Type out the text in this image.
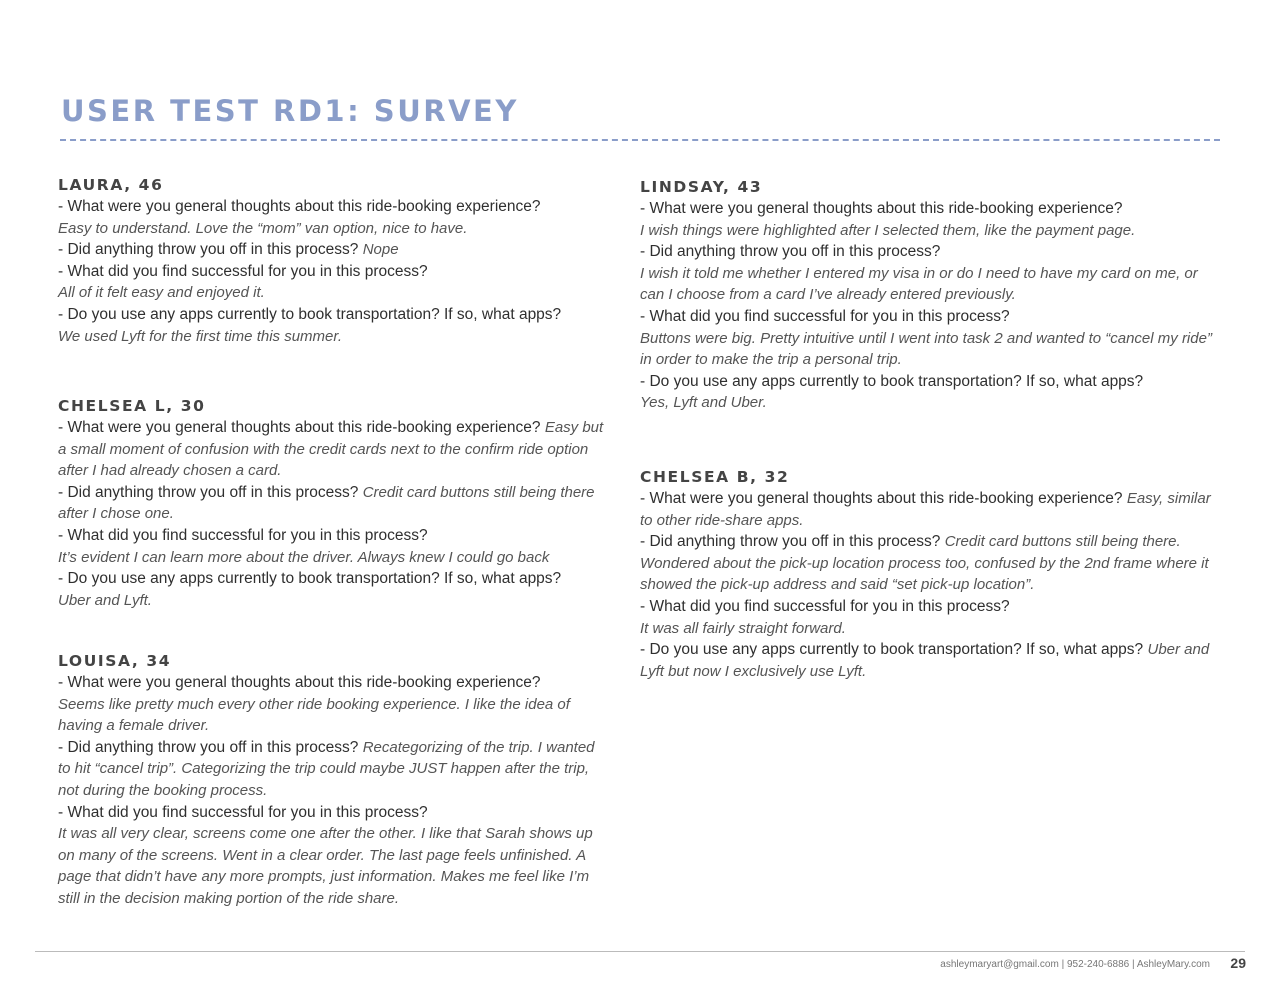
USER TEST RD1: SURVEY

LAURA, 46

- What were you general thoughts about this ride-booking experience?

Easy to understand. Love the “mom” van option, nice to have.

- Did anything throw you off in this process? Nope

- What did you find successful for you in this process?

All of it felt easy and enjoyed it.

- Do you use any apps currently to book transportation? If so, what apps?

We used Lyft for the first time this summer.

CHELSEA L, 30

- What were you general thoughts about this ride-booking experience? Easy but a small moment of confusion with the credit cards next to the confirm ride option after I had already chosen a card.

- Did anything throw you off in this process? Credit card buttons still being there after I chose one.

- What did you find successful for you in this process?

It’s evident I can learn more about the driver. Always knew I could go back

- Do you use any apps currently to book transportation? If so, what apps?

Uber and Lyft.

LOUISA, 34

- What were you general thoughts about this ride-booking experience?

Seems like pretty much every other ride booking experience. I like the idea of having a female driver.

- Did anything throw you off in this process? Recategorizing of the trip. I wanted to hit “cancel trip”. Categorizing the trip could maybe JUST happen after the trip, not during the booking process.

- What did you find successful for you in this process?

It was all very clear, screens come one after the other. I like that Sarah shows up on many of the screens. Went in a clear order. The last page feels unfinished. A page that didn’t have any more prompts, just information. Makes me feel like I’m still in the decision making portion of the ride share.

LINDSAY, 43

- What were you general thoughts about this ride-booking experience?

I wish things were highlighted after I selected them, like the payment page.

- Did anything throw you off in this process?

I wish it told me whether I entered my visa in or do I need to have my card on me, or can I choose from a card I’ve already entered previously.

- What did you find successful for you in this process?

Buttons were big. Pretty intuitive until I went into task 2 and wanted to “cancel my ride” in order to make the trip a personal trip.

- Do you use any apps currently to book transportation? If so, what apps?

Yes, Lyft and Uber.

CHELSEA B, 32

- What were you general thoughts about this ride-booking experience? Easy, similar to other ride-share apps.

- Did anything throw you off in this process? Credit card buttons still being there. Wondered about the pick-up location process too, confused by the 2nd frame where it showed the pick-up address and said “set pick-up location”.

- What did you find successful for you in this process?

It was all fairly straight forward.

- Do you use any apps currently to book transportation? If so, what apps? Uber and Lyft but now I exclusively use Lyft.

ashleymaryart@gmail.com | 952-240-6886 | AshleyMary.com 29
